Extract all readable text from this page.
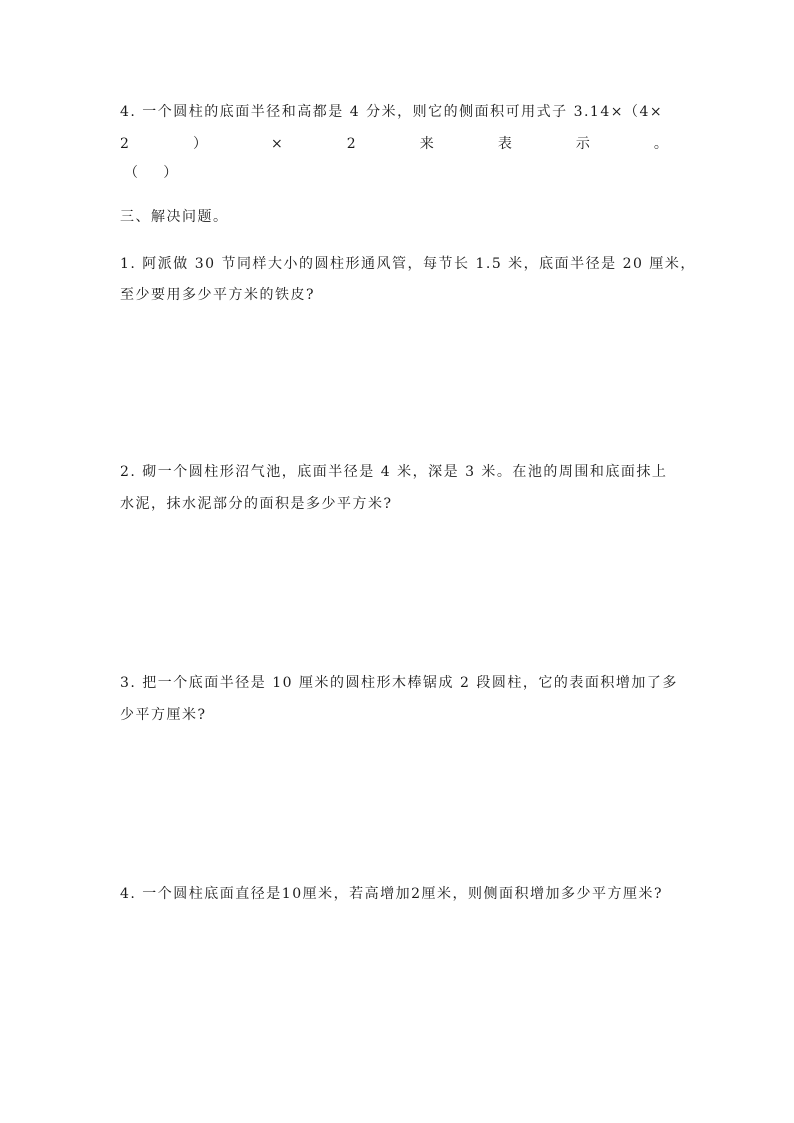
4. 一个圆柱的底面半径和高都是 4 分米，则它的侧面积可用式子 3.14×（4×
2	）	×	2	来	表	示	。
（    ）
三、解决问题。
1. 阿派做 30 节同样大小的圆柱形通风管，每节长 1.5 米，底面半径是 20 厘米，
至少要用多少平方米的铁皮?
2. 砌一个圆柱形沼气池，底面半径是 4 米，深是 3 米。在池的周围和底面抹上
水泥，抹水泥部分的面积是多少平方米?
3. 把一个底面半径是 10 厘米的圆柱形木棒锯成 2 段圆柱，它的表面积增加了多
少平方厘米?
4. 一个圆柱底面直径是10厘米，若高增加2厘米，则侧面积增加多少平方厘米?
